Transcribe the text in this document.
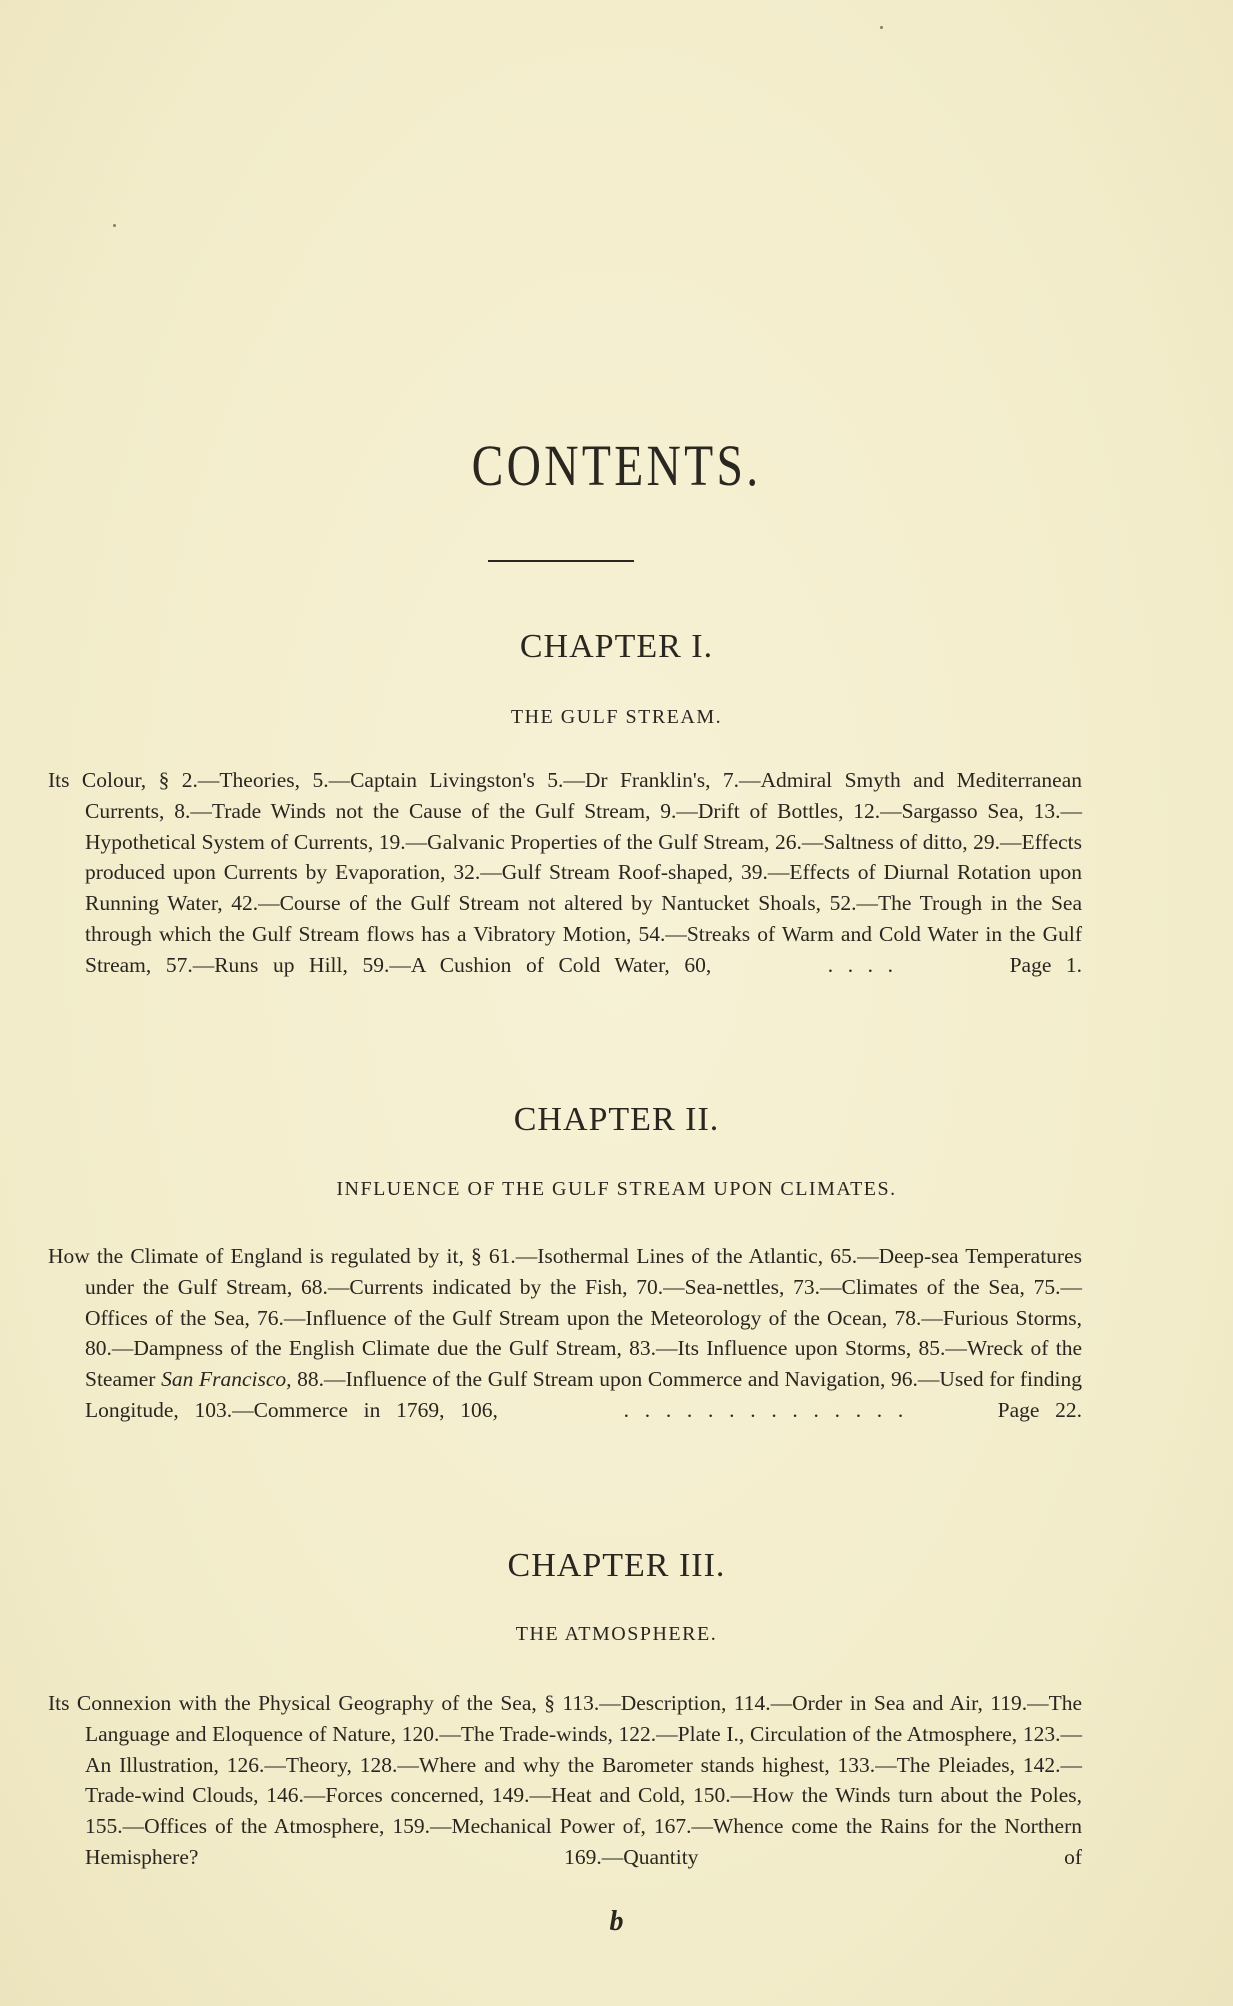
CONTENTS.
CHAPTER I.

THE GULF STREAM.

Its Colour, § 2.—Theories, 5.—Captain Livingston's 5.—Dr Franklin's, 7.—Admiral Smyth and Mediterranean Currents, 8.—Trade Winds not the Cause of the Gulf Stream, 9.—Drift of Bottles, 12.—Sargasso Sea, 13.—Hypothetical System of Currents, 19.—Galvanic Properties of the Gulf Stream, 26.—Saltness of ditto, 29.—Effects produced upon Currents by Evaporation, 32.—Gulf Stream Roof-shaped, 39.—Effects of Diurnal Rotation upon Running Water, 42.—Course of the Gulf Stream not altered by Nantucket Shoals, 52.—The Trough in the Sea through which the Gulf Stream flows has a Vibratory Motion, 54.—Streaks of Warm and Cold Water in the Gulf Stream, 57.—Runs up Hill, 59.—A Cushion of Cold Water, 60,	. . . .	Page 1.

CHAPTER II.

INFLUENCE OF THE GULF STREAM UPON CLIMATES.

How the Climate of England is regulated by it, § 61.—Isothermal Lines of the Atlantic, 65.—Deep-sea Temperatures under the Gulf Stream, 68.—Currents indicated by the Fish, 70.—Sea-nettles, 73.—Climates of the Sea, 75.—Offices of the Sea, 76.—Influence of the Gulf Stream upon the Meteorology of the Ocean, 78.—Furious Storms, 80.—Dampness of the English Climate due the Gulf Stream, 83.—Its Influence upon Storms, 85.—Wreck of the Steamer San Francisco, 88.—Influence of the Gulf Stream upon Commerce and Navigation, 96.—Used for finding Longitude, 103.—Commerce in 1769, 106,	. . . . . . . . . . . . . .	Page 22.

CHAPTER III.

THE ATMOSPHERE.

Its Connexion with the Physical Geography of the Sea, § 113.—Description, 114.—Order in Sea and Air, 119.—The Language and Eloquence of Nature, 120.—The Trade-winds, 122.—Plate I., Circulation of the Atmosphere, 123.—An Illustration, 126.—Theory, 128.—Where and why the Barometer stands highest, 133.—The Pleiades, 142.—Trade-wind Clouds, 146.—Forces concerned, 149.—Heat and Cold, 150.—How the Winds turn about the Poles, 155.—Offices of the Atmosphere, 159.—Mechanical Power of, 167.—Whence come the Rains for the Northern Hemisphere? 169.—Quantity of

b
